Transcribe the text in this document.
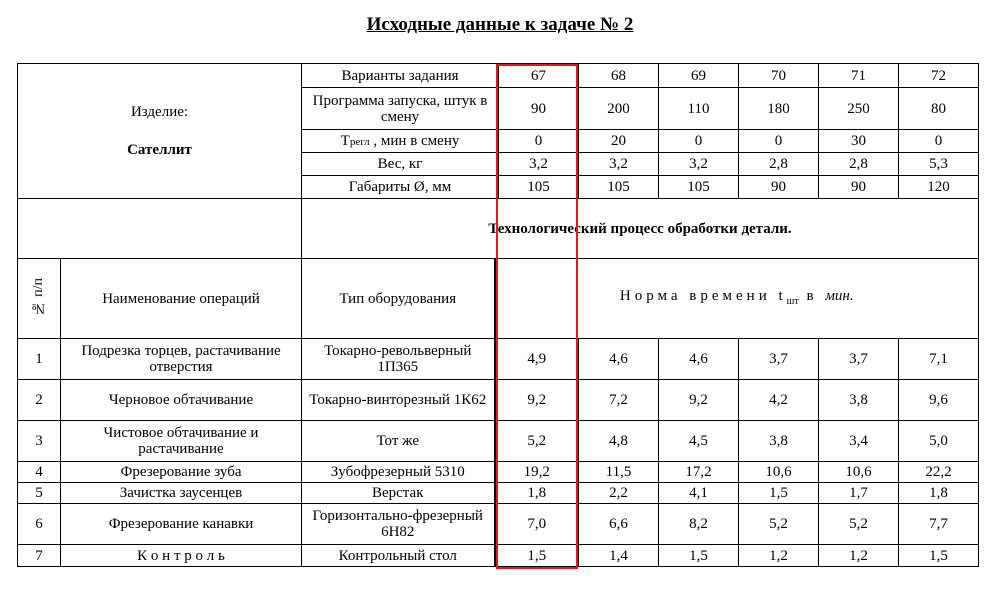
Исходные данные к задаче № 2
Изделие:
Сателлит		Варианты задания		67	68	69	70	71	72
		Программа запуска, штук в смену		90	200	110	180	250	80
		Tрегл , мин в смену		0	20	0	0	30	0
		Вес, кг		3,2	3,2	3,2	2,8	2,8	5,3
		Габариты Ø, мм		105	105	105	90	90	120
		Технологический процесс обработки детали.							
№ п/п	Наименование операций	Тип оборудования	Норма времени $t_{шт}$ в мин.						
1	Подрезка торцев, растачивание отверстия	Токарно-револьверный 1П365	4,9		4,6	4,6	3,7	3,7	7,1
2	Черновое обтачивание	Токарно-винторезный 1К62	9,2		7,2	9,2	4,2	3,8	9,6
3	Чистовое обтачивание и растачивание	Тот же	5,2		4,8	4,5	3,8	3,4	5,0
4	Фрезерование зуба	Зубофрезерный 5310	19,2		11,5	17,2	10,6	10,6	22,2
5	Зачистка заусенцев	Верстак	1,8		2,2	4,1	1,5	1,7	1,8
6	Фрезерование канавки	Горизонтально-фрезерный 6Н82	7,0		6,6	8,2	5,2	5,2	7,7
7	К о н т р о л ь	Контрольный стол	1,5		1,4	1,5	1,2	1,2	1,5
